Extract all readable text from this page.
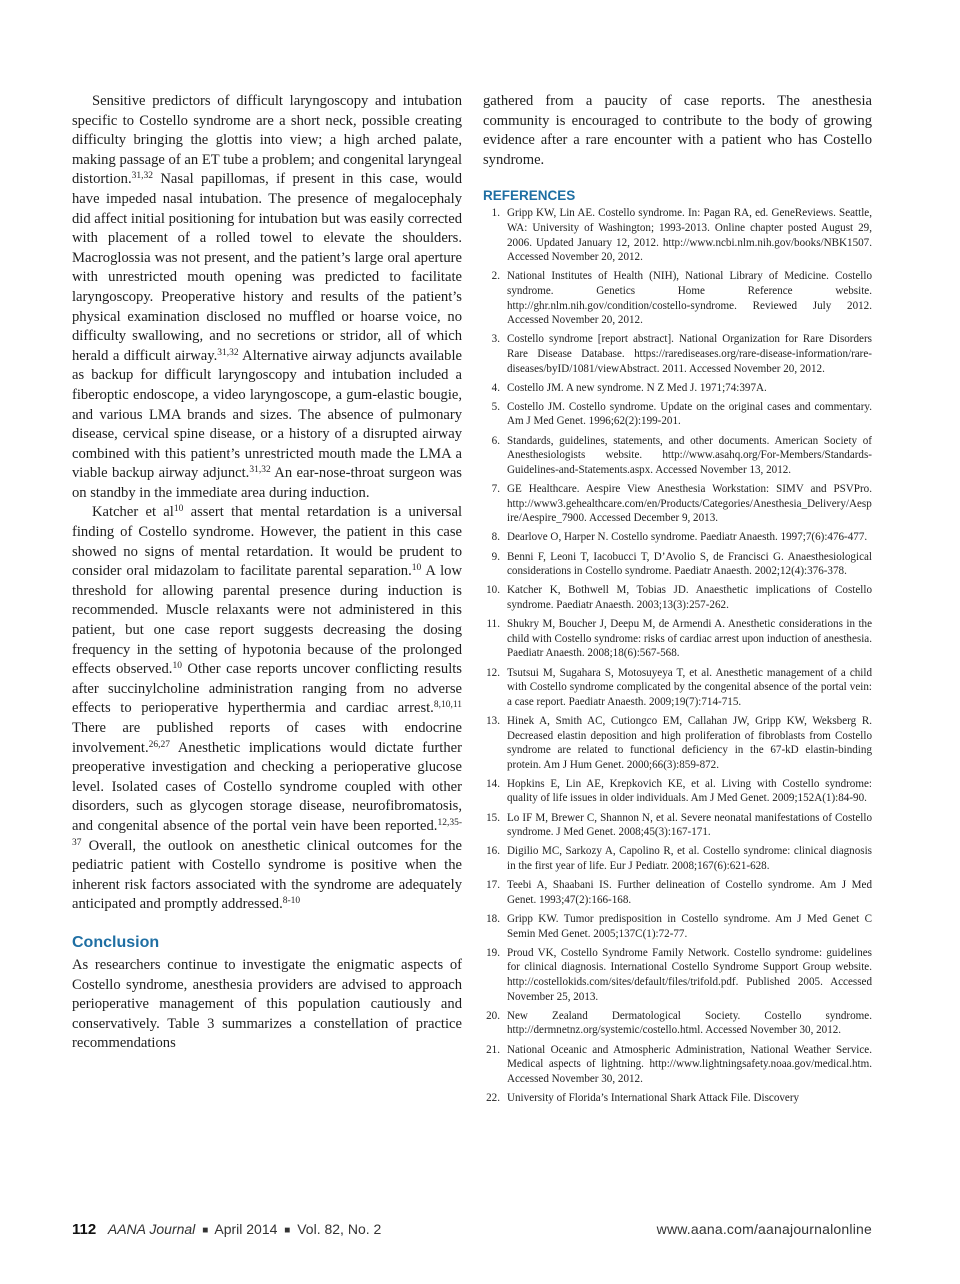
Sensitive predictors of difficult laryngoscopy and intubation specific to Costello syndrome are a short neck, possible creating difficulty bringing the glottis into view; a high arched palate, making passage of an ET tube a problem; and congenital laryngeal distortion.$^{31,32}$ Nasal papillomas, if present in this case, would have impeded nasal intubation. The presence of megalocephaly did affect initial positioning for intubation but was easily corrected with placement of a rolled towel to elevate the shoulders. Macroglossia was not present, and the patient’s large oral aperture with unrestricted mouth opening was predicted to facilitate laryngoscopy. Preoperative history and results of the patient’s physical examination disclosed no muffled or hoarse voice, no difficulty swallowing, and no secretions or stridor, all of which herald a difficult airway.$^{31,32}$ Alternative airway adjuncts available as backup for difficult laryngoscopy and intubation included a fiberoptic endoscope, a video laryngoscope, a gum-elastic bougie, and various LMA brands and sizes. The absence of pulmonary disease, cervical spine disease, or a history of a disrupted airway combined with this patient’s unrestricted mouth made the LMA a viable backup airway adjunct.$^{31,32}$ An ear-nose-throat surgeon was on standby in the immediate area during induction.

Katcher et $al^{10}$ assert that mental retardation is a universal finding of Costello syndrome. However, the patient in this case showed no signs of mental retardation. It would be prudent to consider oral midazolam to facilitate parental separation.$^{10}$ A low threshold for allowing parental presence during induction is recommended. Muscle relaxants were not administered in this patient, but one case report suggests decreasing the dosing frequency in the setting of hypotonia because of the prolonged effects observed.$^{10}$ Other case reports uncover conflicting results after succinylcholine administration ranging from no adverse effects to perioperative hyperthermia and cardiac arrest.$^{8,10,11}$ There are published reports of cases with endocrine involvement.$^{26,27}$ Anesthetic implications would dictate further preoperative investigation and checking a perioperative glucose level. Isolated cases of Costello syndrome coupled with other disorders, such as glycogen storage disease, neurofibromatosis, and congenital absence of the portal vein have been reported.$^{12,35-37}$ Overall, the outlook on anesthetic clinical outcomes for the pediatric patient with Costello syndrome is positive when the inherent risk factors associated with the syndrome are adequately anticipated and promptly addressed.$^{8-10}$

Conclusion

As researchers continue to investigate the enigmatic aspects of Costello syndrome, anesthesia providers are advised to approach perioperative management of this population cautiously and conservatively. Table 3 summarizes a constellation of practice recommendations

gathered from a paucity of case reports. The anesthesia community is encouraged to contribute to the body of growing evidence after a rare encounter with a patient who has Costello syndrome.

REFERENCES
1. Gripp KW, Lin AE. Costello syndrome. In: Pagan RA, ed. GeneReviews. Seattle, WA: University of Washington; 1993-2013. Online chapter posted August 29, 2006. Updated January 12, 2012. http://www.ncbi.nlm.nih.gov/books/NBK1507. Accessed November 20, 2012.
2. National Institutes of Health (NIH), National Library of Medicine. Costello syndrome. Genetics Home Reference website. http://ghr.nlm.nih.gov/condition/costello-syndrome. Reviewed July 2012. Accessed November 20, 2012.
3. Costello syndrome [report abstract]. National Organization for Rare Disorders Rare Disease Database. https://rarediseases.org/rare-disease-information/rare-diseases/byID/1081/viewAbstract. 2011. Accessed November 20, 2012.
4. Costello JM. A new syndrome. N Z Med J. 1971;74:397A.
5. Costello JM. Costello syndrome. Update on the original cases and commentary. Am J Med Genet. 1996;62(2):199-201.
6. Standards, guidelines, statements, and other documents. American Society of Anesthesiologists website. http://www.asahq.org/For-Members/Standards-Guidelines-and-Statements.aspx. Accessed November 13, 2012.
7. GE Healthcare. Aespire View Anesthesia Workstation: SIMV and PSVPro. http://www3.gehealthcare.com/en/Products/Categories/Anesthesia_Delivery/Aespire/Aespire_7900. Accessed December 9, 2013.
8. Dearlove O, Harper N. Costello syndrome. Paediatr Anaesth. 1997;7(6):476-477.
9. Benni F, Leoni T, Iacobucci T, D’Avolio S, de Francisci G. Anaesthesiological considerations in Costello syndrome. Paediatr Anaesth. 2002;12(4):376-378.
10. Katcher K, Bothwell M, Tobias JD. Anaesthetic implications of Costello syndrome. Paediatr Anaesth. 2003;13(3):257-262.
11. Shukry M, Boucher J, Deepu M, de Armendi A. Anesthetic considerations in the child with Costello syndrome: risks of cardiac arrest upon induction of anesthesia. Paediatr Anaesth. 2008;18(6):567-568.
12. Tsutsui M, Sugahara S, Motosuyeya T, et al. Anesthetic management of a child with Costello syndrome complicated by the congenital absence of the portal vein: a case report. Paediatr Anaesth. 2009;19(7):714-715.
13. Hinek A, Smith AC, Cutiongco EM, Callahan JW, Gripp KW, Weksberg R. Decreased elastin deposition and high proliferation of fibroblasts from Costello syndrome are related to functional deficiency in the 67-kD elastin-binding protein. Am J Hum Genet. 2000;66(3):859-872.
14. Hopkins E, Lin AE, Krepkovich KE, et al. Living with Costello syndrome: quality of life issues in older individuals. Am J Med Genet. 2009;152A(1):84-90.
15. Lo IF M, Brewer C, Shannon N, et al. Severe neonatal manifestations of Costello syndrome. J Med Genet. 2008;45(3):167-171.
16. Digilio MC, Sarkozy A, Capolino R, et al. Costello syndrome: clinical diagnosis in the first year of life. Eur J Pediatr. 2008;167(6):621-628.
17. Teebi A, Shaabani IS. Further delineation of Costello syndrome. Am J Med Genet. 1993;47(2):166-168.
18. Gripp KW. Tumor predisposition in Costello syndrome. Am J Med Genet C Semin Med Genet. 2005;137C(1):72-77.
19. Proud VK, Costello Syndrome Family Network. Costello syndrome: guidelines for clinical diagnosis. International Costello Syndrome Support Group website. http://costellokids.com/sites/default/files/trifold.pdf. Published 2005. Accessed November 25, 2013.
20. New Zealand Dermatological Society. Costello syndrome. http://dermnetnz.org/systemic/costello.html. Accessed November 30, 2012.
21. National Oceanic and Atmospheric Administration, National Weather Service. Medical aspects of lightning. http://www.lightningsafety.noaa.gov/medical.htm. Accessed November 30, 2012.
22. University of Florida’s International Shark Attack File. Discovery
112 AANA Journal ■ April 2014 ■ Vol. 82, No. 2	www.aana.com/aanajournalonline
